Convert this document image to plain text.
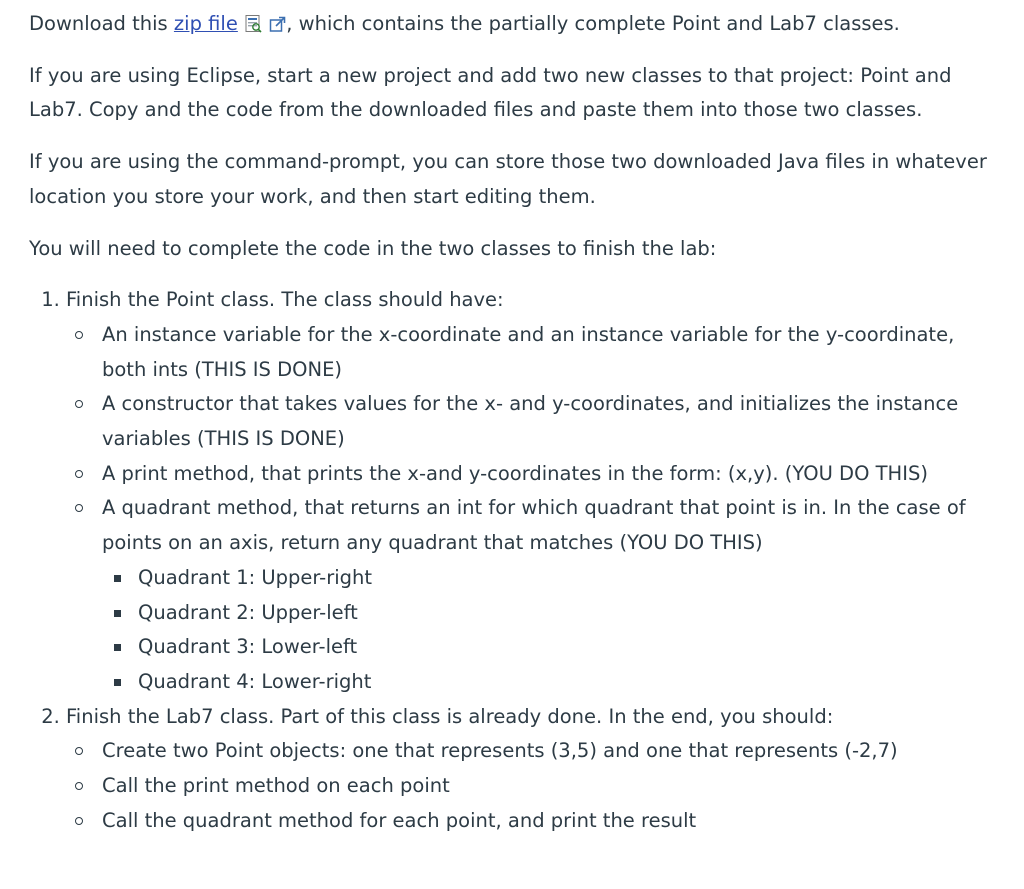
Download this zip file
, which contains the partially complete Point and Lab7 classes.

If you are using Eclipse, start a new project and add two new classes to that project: Point and Lab7. Copy and the code from the downloaded files and paste them into those two classes.

If you are using the command-prompt, you can store those two downloaded Java files in whatever location you store your work, and then start editing them.

You will need to complete the code in the two classes to finish the lab:

1. Finish the Point class. The class should have:
An instance variable for the x-coordinate and an instance variable for the y-coordinate, both ints (THIS IS DONE)
A constructor that takes values for the x- and y-coordinates, and initializes the instance variables (THIS IS DONE)
A print method, that prints the x-and y-coordinates in the form: (x,y). (YOU DO THIS)
A quadrant method, that returns an int for which quadrant that point is in. In the case of points on an axis, return any quadrant that matches (YOU DO THIS)
Quadrant 1: Upper-right
Quadrant 2: Upper-left
Quadrant 3: Lower-left
Quadrant 4: Lower-right
2. Finish the Lab7 class. Part of this class is already done. In the end, you should:
Create two Point objects: one that represents (3,5) and one that represents (-2,7)
Call the print method on each point
Call the quadrant method for each point, and print the result
